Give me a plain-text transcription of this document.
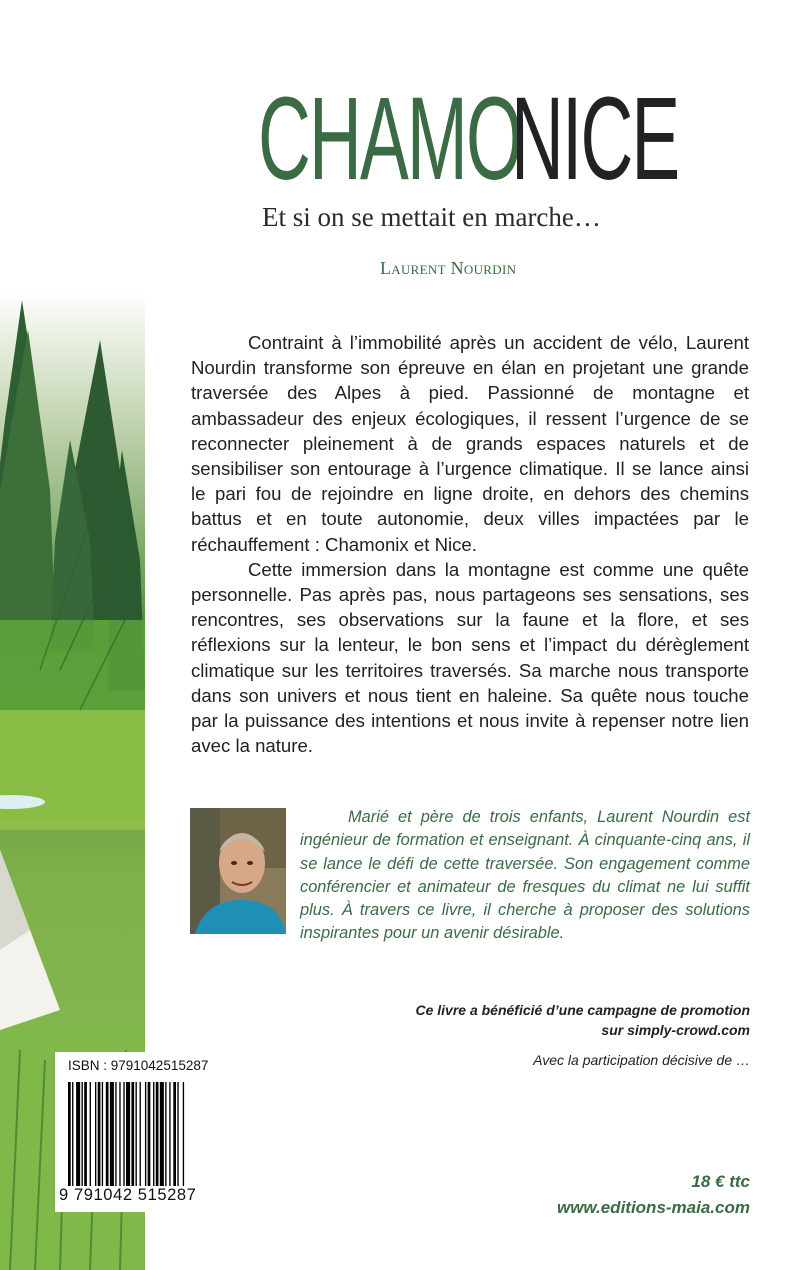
CHAMO
NICE
Et si on se mettait en marche…
Laurent Nourdin

Contraint à l’immobilité après un accident de vélo, Laurent Nourdin transforme son épreuve en élan en projetant une grande traversée des Alpes à pied. Passionné de montagne et ambassadeur des enjeux écologiques, il ressent l’urgence de se reconnecter pleinement à de grands espaces naturels et de sensibiliser son entourage à l’urgence climatique. Il se lance ainsi le pari fou de rejoindre en ligne droite, en dehors des chemins battus et en toute autonomie, deux villes impactées par le réchauffement : Chamonix et Nice.

Cette immersion dans la montagne est comme une quête personnelle. Pas après pas, nous partageons ses sensations, ses rencontres, ses observations sur la faune et la flore, et ses réflexions sur la lenteur, le bon sens et l’impact du dérèglement climatique sur les territoires traversés. Sa marche nous transporte dans son univers et nous tient en haleine. Sa quête nous touche par la puissance des intentions et nous invite à repenser notre lien avec la nature.

Marié et père de trois enfants, Laurent Nourdin est ingénieur de formation et enseignant. À cinquante-cinq ans, il se lance le défi de cette traversée. Son engagement comme conférencier et animateur de fresques du climat ne lui suffit plus. À travers ce livre, il cherche à proposer des solutions inspirantes pour un avenir désirable.
Ce livre a bénéficié d’une campagne de promotion
sur simply-crowd.com
Avec la participation décisive de …
ISBN : 9791042515287
9 791042 515287
18 € ttc
www.editions-maia.com
